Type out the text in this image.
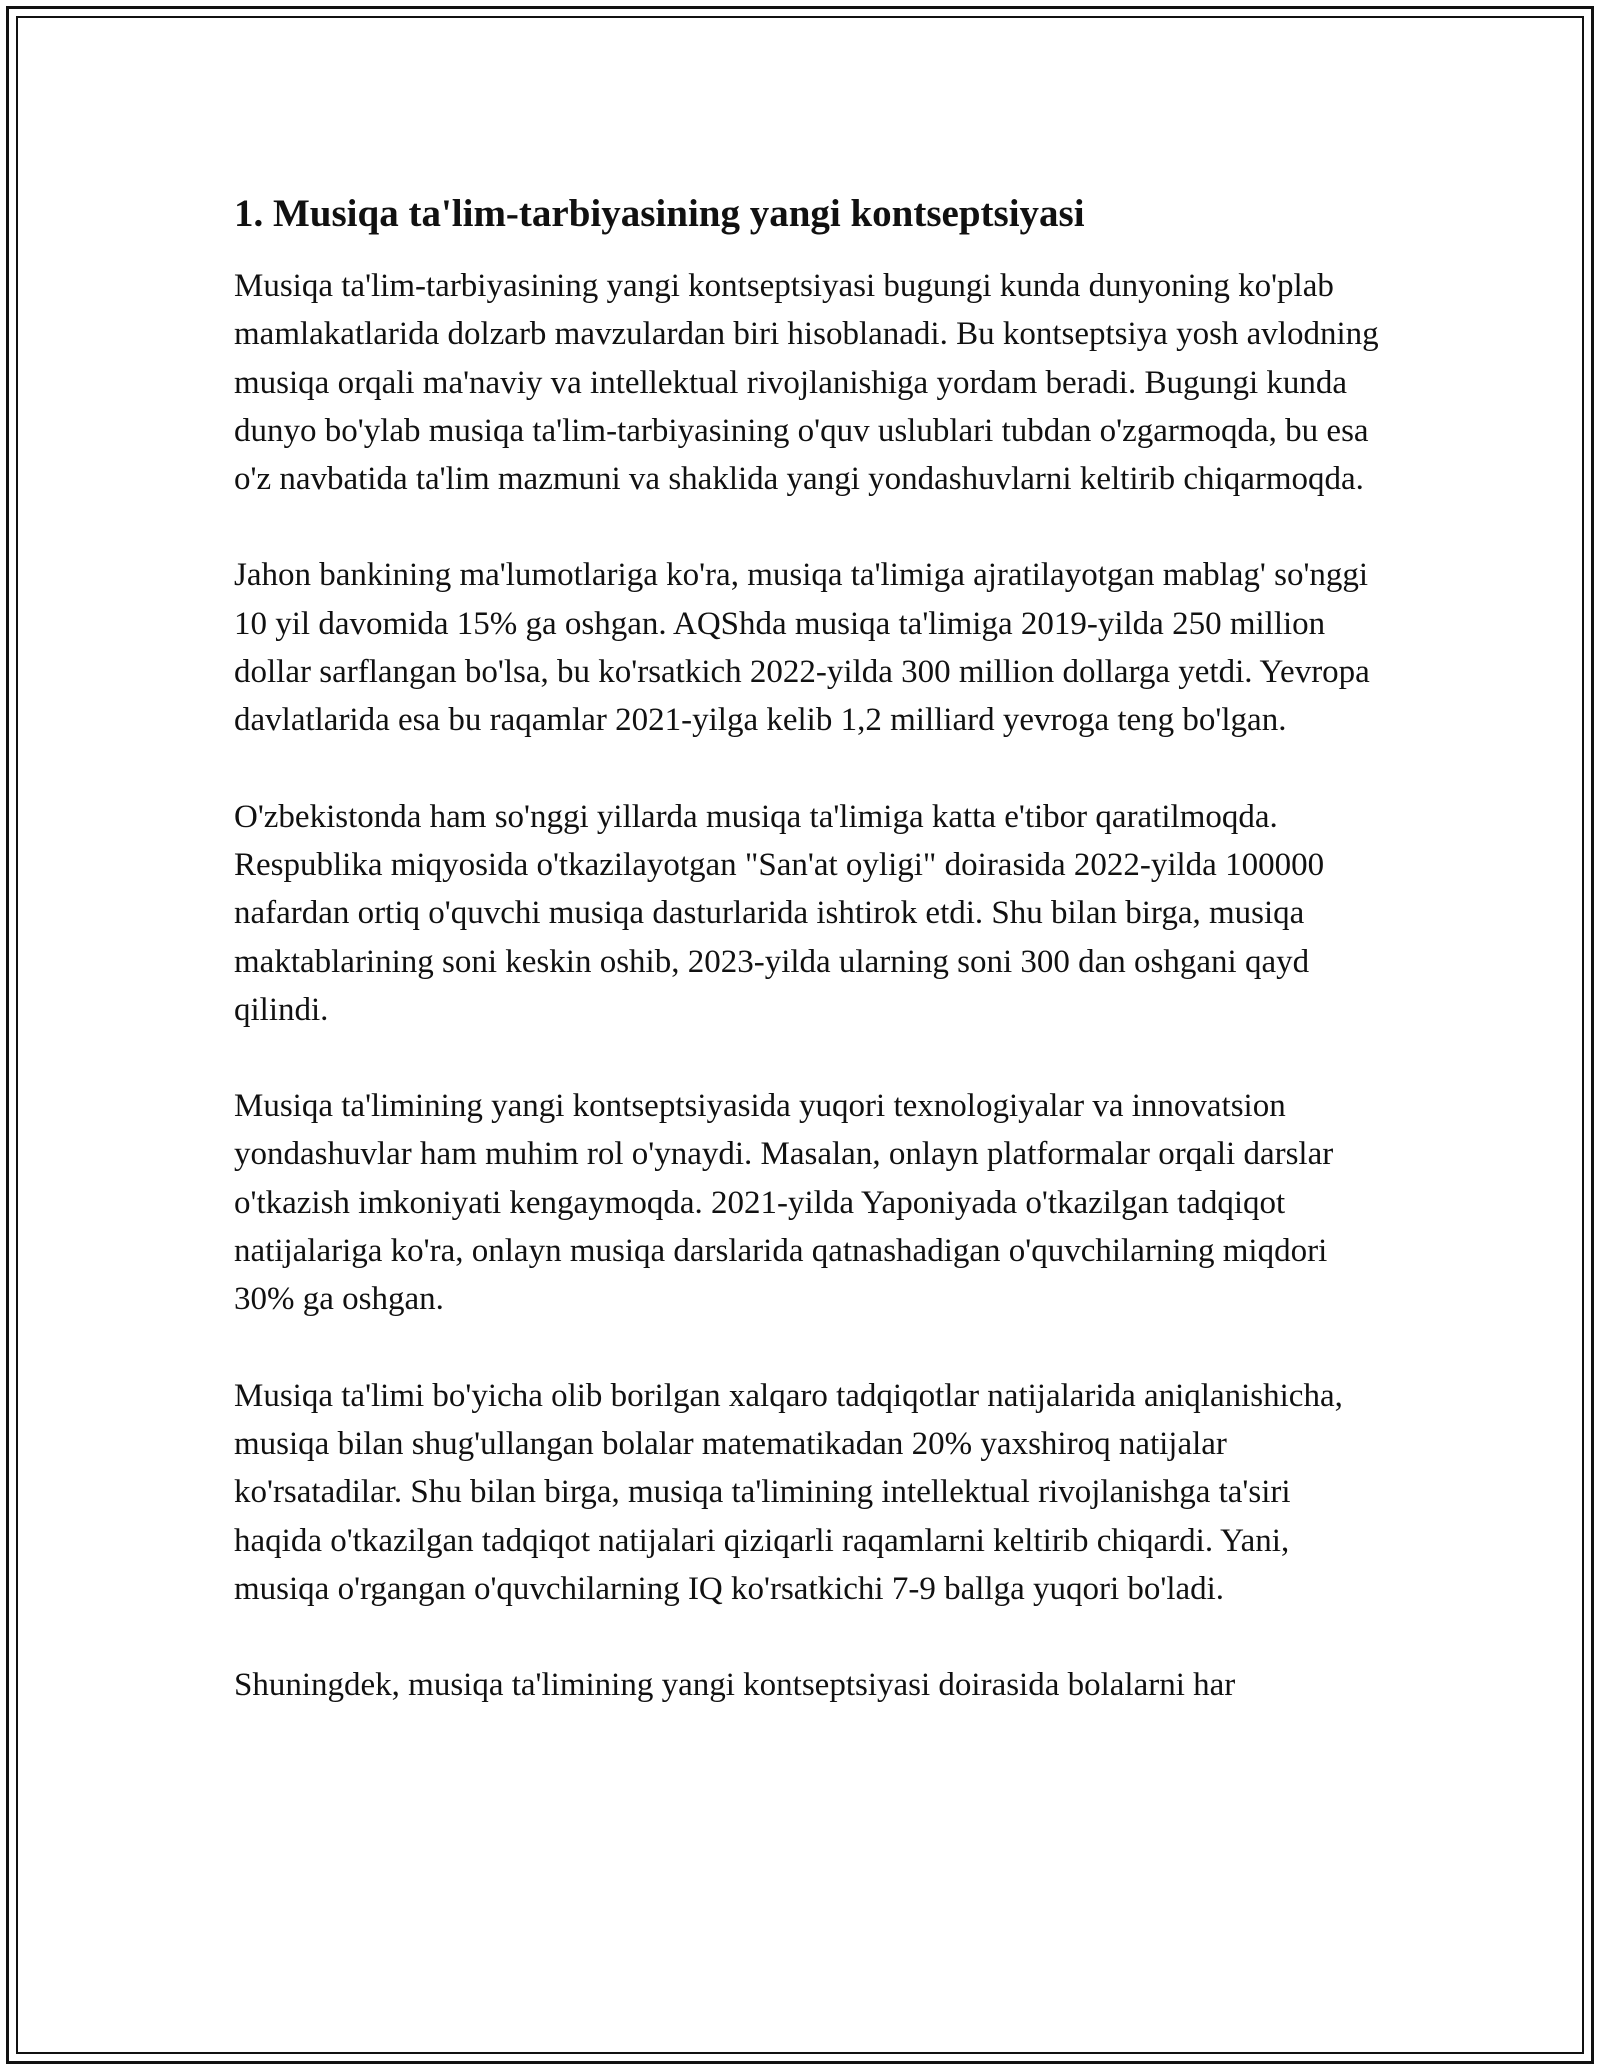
1. Musiqa ta'lim-tarbiyasining yangi kontseptsiyasi

Musiqa ta'lim-tarbiyasining yangi kontseptsiyasi bugungi kunda dunyoning ko'plab mamlakatlarida dolzarb mavzulardan biri hisoblanadi. Bu kontseptsiya yosh avlodning musiqa orqali ma'naviy va intellektual rivojlanishiga yordam beradi. Bugungi kunda dunyo bo'ylab musiqa ta'lim-tarbiyasining o'quv uslublari tubdan o'zgarmoqda, bu esa o'z navbatida ta'lim mazmuni va shaklida yangi yondashuvlarni keltirib chiqarmoqda.

Jahon bankining ma'lumotlariga ko'ra, musiqa ta'limiga ajratilayotgan mablag' so'nggi 10 yil davomida 15% ga oshgan. AQShda musiqa ta'limiga 2019-yilda 250 million dollar sarflangan bo'lsa, bu ko'rsatkich 2022-yilda 300 million dollarga yetdi. Yevropa davlatlarida esa bu raqamlar 2021-yilga kelib 1,2 milliard yevroga teng bo'lgan.

O'zbekistonda ham so'nggi yillarda musiqa ta'limiga katta e'tibor qaratilmoqda. Respublika miqyosida o'tkazilayotgan "San'at oyligi" doirasida 2022-yilda 100000 nafardan ortiq o'quvchi musiqa dasturlarida ishtirok etdi. Shu bilan birga, musiqa maktablarining soni keskin oshib, 2023-yilda ularning soni 300 dan oshgani qayd qilindi.

Musiqa ta'limining yangi kontseptsiyasida yuqori texnologiyalar va innovatsion yondashuvlar ham muhim rol o'ynaydi. Masalan, onlayn platformalar orqali darslar o'tkazish imkoniyati kengaymoqda. 2021-yilda Yaponiyada o'tkazilgan tadqiqot natijalariga ko'ra, onlayn musiqa darslarida qatnashadigan o'quvchilarning miqdori 30% ga oshgan.

Musiqa ta'limi bo'yicha olib borilgan xalqaro tadqiqotlar natijalarida aniqlanishicha, musiqa bilan shug'ullangan bolalar matematikadan 20% yaxshiroq natijalar ko'rsatadilar. Shu bilan birga, musiqa ta'limining intellektual rivojlanishga ta'siri haqida o'tkazilgan tadqiqot natijalari qiziqarli raqamlarni keltirib chiqardi. Yani, musiqa o'rgangan o'quvchilarning IQ ko'rsatkichi 7-9 ballga yuqori bo'ladi.

Shuningdek, musiqa ta'limining yangi kontseptsiyasi doirasida bolalarni har
